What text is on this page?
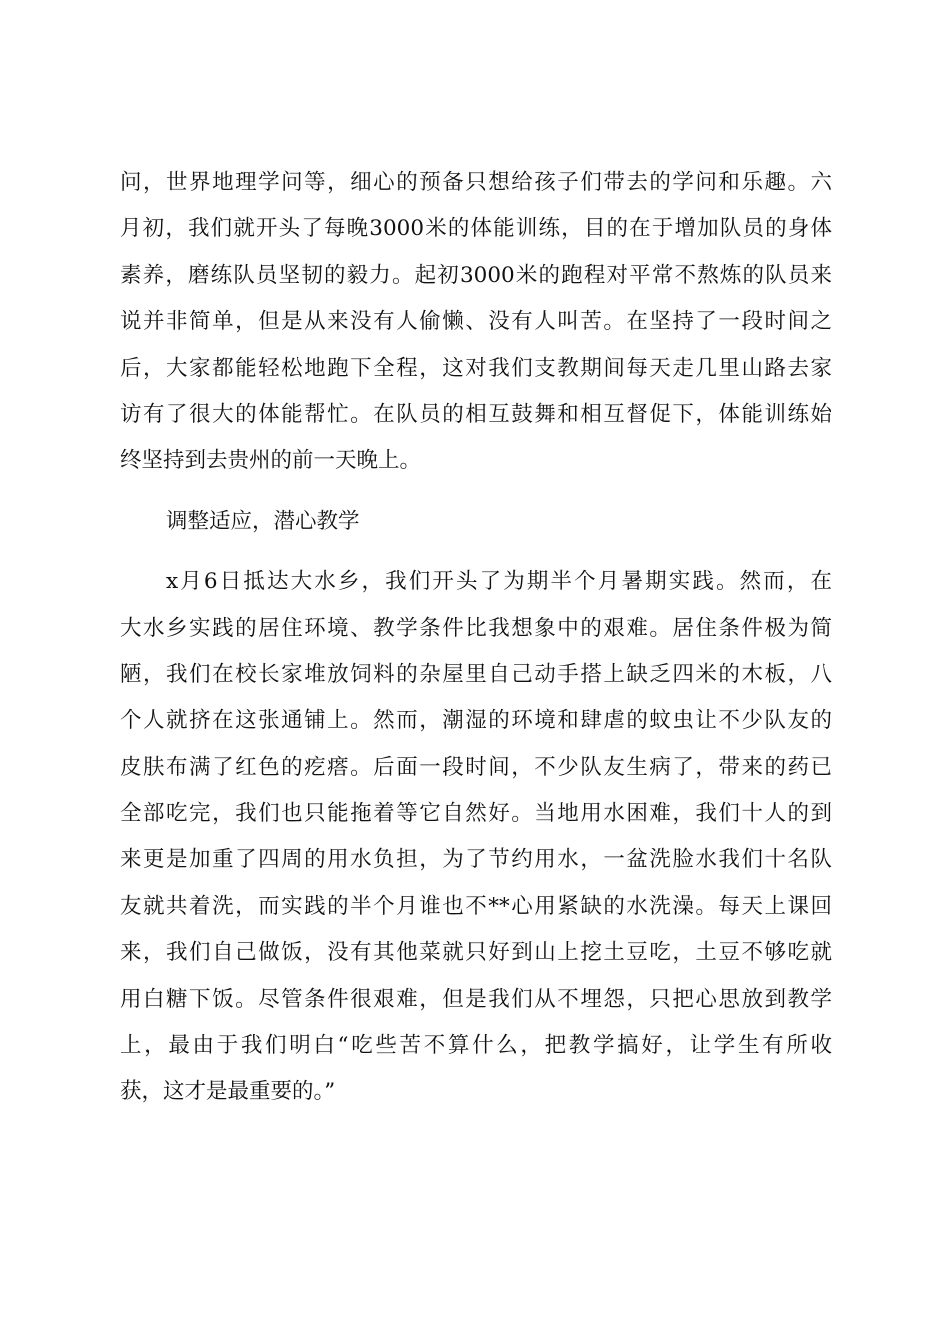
问，世界地理学问等，细心的预备只想给孩子们带去的学问和乐趣。六
月初，我们就开头了每晚3000米的体能训练，目的在于增加队员的身体
素养，磨练队员坚韧的毅力。起初3000米的跑程对平常不熬炼的队员来
说并非简单，但是从来没有人偷懒、没有人叫苦。在坚持了一段时间之
后，大家都能轻松地跑下全程，这对我们支教期间每天走几里山路去家
访有了很大的体能帮忙。在队员的相互鼓舞和相互督促下，体能训练始
终坚持到去贵州的前一天晚上。
调整适应，潜心教学
x月6日抵达大水乡，我们开头了为期半个月暑期实践。然而，在
大水乡实践的居住环境、教学条件比我想象中的艰难。居住条件极为简
陋，我们在校长家堆放饲料的杂屋里自己动手搭上缺乏四米的木板，八
个人就挤在这张通铺上。然而，潮湿的环境和肆虐的蚊虫让不少队友的
皮肤布满了红色的疙瘩。后面一段时间，不少队友生病了，带来的药已
全部吃完，我们也只能拖着等它自然好。当地用水困难，我们十人的到
来更是加重了四周的用水负担，为了节约用水，一盆洗脸水我们十名队
友就共着洗，而实践的半个月谁也不**心用紧缺的水洗澡。每天上课回
来，我们自己做饭，没有其他菜就只好到山上挖土豆吃，土豆不够吃就
用白糖下饭。尽管条件很艰难，但是我们从不埋怨，只把心思放到教学
上，最由于我们明白“吃些苦不算什么，把教学搞好，让学生有所收
获，这才是最重要的。”
